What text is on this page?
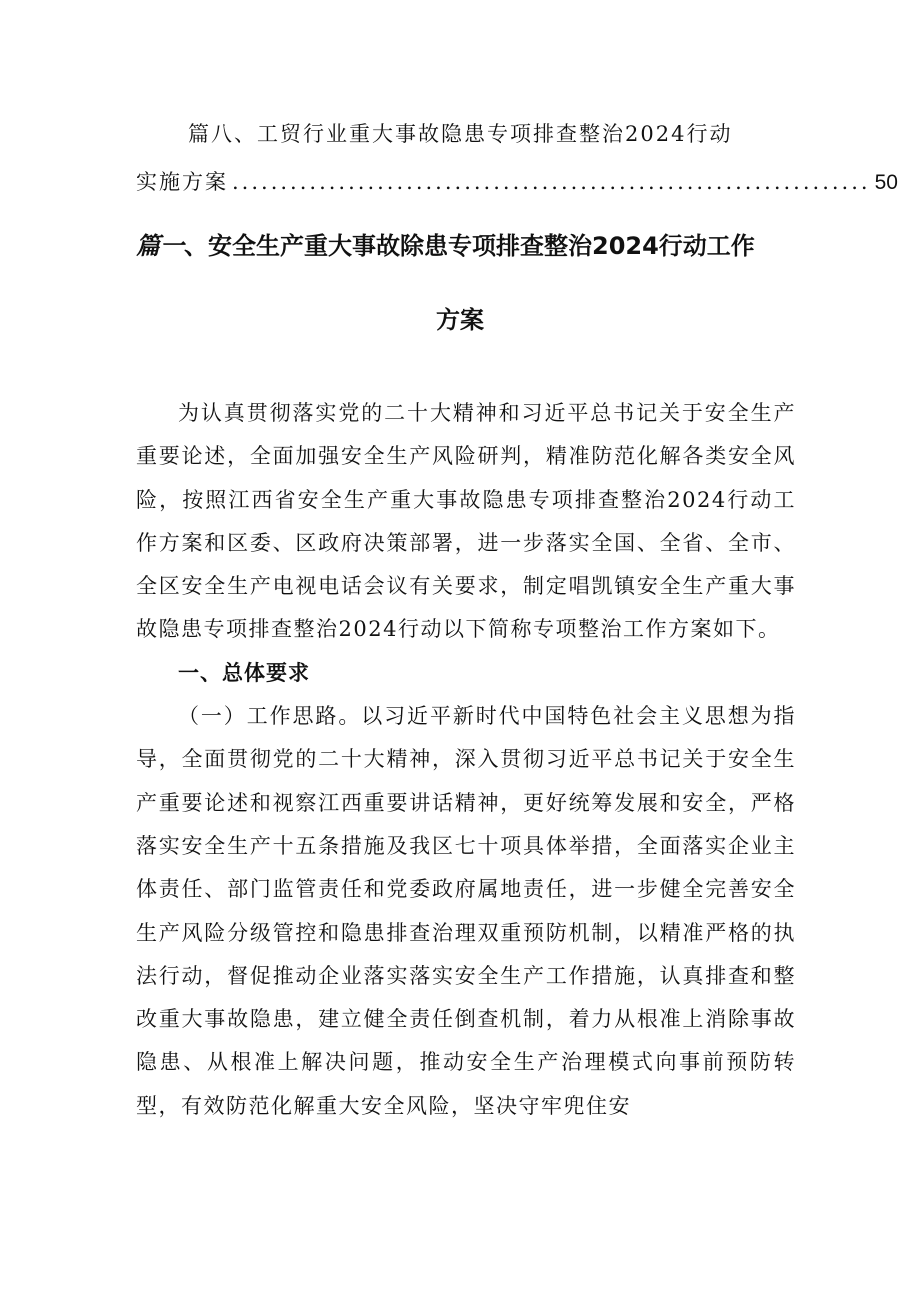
篇八、工贸行业重大事故隐患专项排查整治2024行动
实施方案 .................................................................. 50
篇一、安全生产重大事故除患专项排查整治2024行动工作
方案

为认真贯彻落实党的二十大精神和习近平总书记关于安全生产重要论述，全面加强安全生产风险研判，精准防范化解各类安全风险，按照江西省安全生产重大事故隐患专项排查整治2024行动工作方案和区委、区政府决策部署，进一步落实全国、全省、全市、全区安全生产电视电话会议有关要求，制定唱凯镇安全生产重大事故隐患专项排查整治2024行动以下简称专项整治工作方案如下。

一、总体要求

（一）工作思路。以习近平新时代中国特色社会主义思想为指导，全面贯彻党的二十大精神，深入贯彻习近平总书记关于安全生产重要论述和视察江西重要讲话精神，更好统筹发展和安全，严格落实安全生产十五条措施及我区七十项具体举措，全面落实企业主体责任、部门监管责任和党委政府属地责任，进一步健全完善安全生产风险分级管控和隐患排查治理双重预防机制，以精准严格的执法行动，督促推动企业落实落实安全生产工作措施，认真排查和整改重大事故隐患，建立健全责任倒查机制，着力从根准上消除事故隐患、从根准上解决问题，推动安全生产治理模式向事前预防转型，有效防范化解重大安全风险，坚决守牢兜住安
